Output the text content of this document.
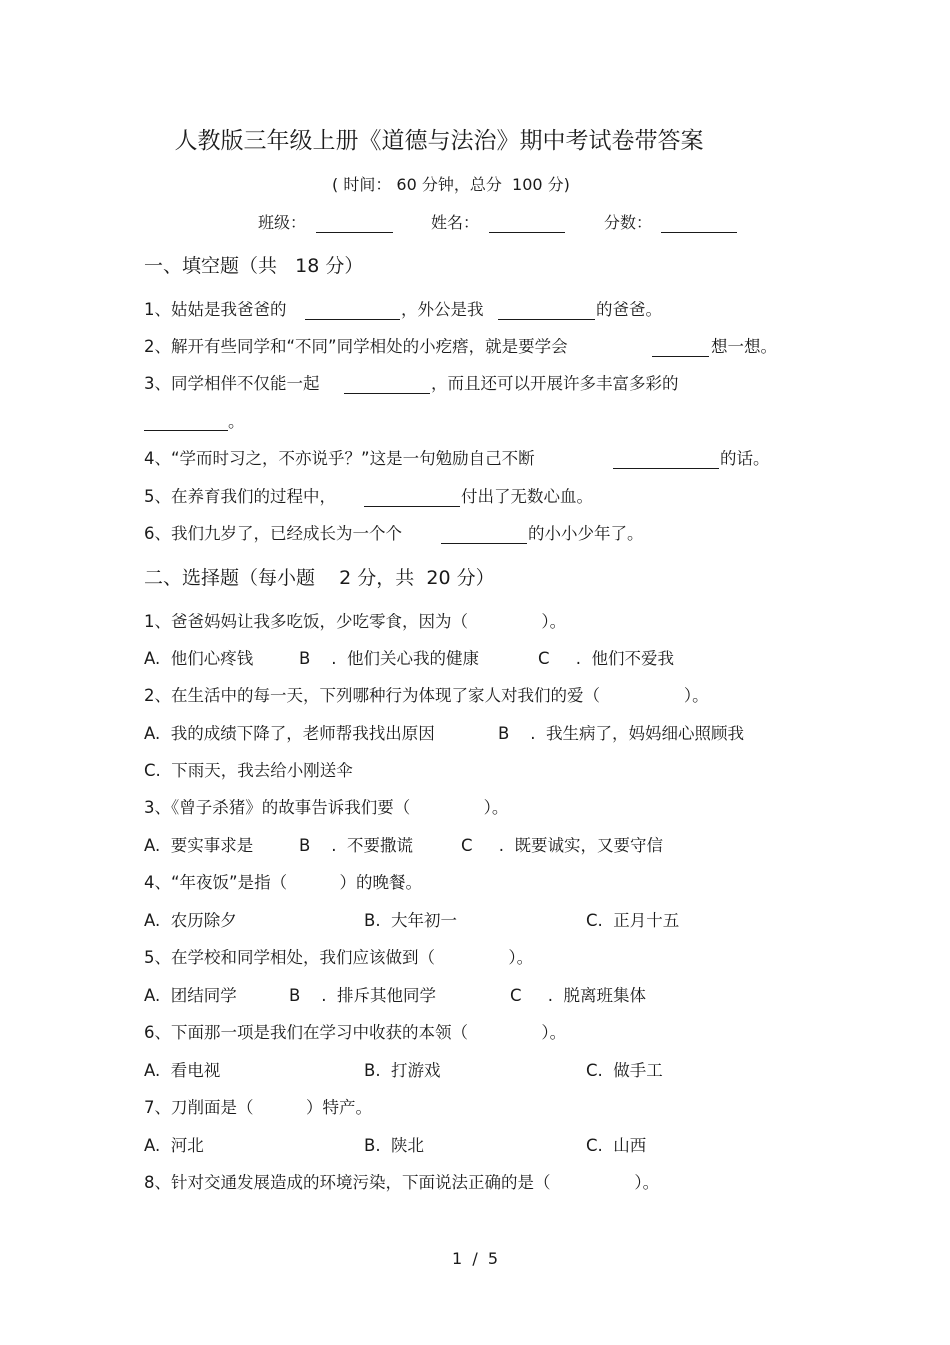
人教版三年级上册《道德与法治》期中考试卷带答案
( 时间： 60 分钟，总分  100 分)
班级：	姓名：	分数：
一、填空题（共   18 分）
1、姑姑是我爸爸的	，外公是我	的爸爸。
2、解开有些同学和“不同”同学相处的小疙瘩，就是要学会	想一想。
3、同学相伴不仅能一起	，而且还可以开展许多丰富多彩的
。
4、“学而时习之，不亦说乎？”这是一句勉励自己不断	的话。
5、在养育我们的过程中，	付出了无数心血。
6、我们九岁了，已经成长为一个个	的小小少年了。
二、选择题（每小题    2 分，共  20 分）
1、爸爸妈妈让我多吃饭，少吃零食，因为（              ）。
A.  他们心疼钱	B    .  他们关心我的健康	C     .  他们不爱我
2、在生活中的每一天，下列哪种行为体现了家人对我们的爱（                ）。
A.  我的成绩下降了，老师帮我找出原因	B    .  我生病了，妈妈细心照顾我
C.  下雨天，我去给小刚送伞
3、《曾子杀猪》的故事告诉我们要（              ）。
A.  要实事求是	B    .  不要撒谎	C     .  既要诚实，又要守信
4、“年夜饭”是指（          ）的晚餐。
A.  农历除夕	B.  大年初一	C.  正月十五
5、在学校和同学相处，我们应该做到（              ）。
A.  团结同学	B    .  排斥其他同学	C     .  脱离班集体
6、下面那一项是我们在学习中收获的本领（              ）。
A.  看电视	B.  打游戏	C.  做手工
7、刀削面是（          ）特产。
A.  河北	B.  陕北	C.  山西
8、针对交通发展造成的环境污染，下面说法正确的是（                ）。
1  /  5
